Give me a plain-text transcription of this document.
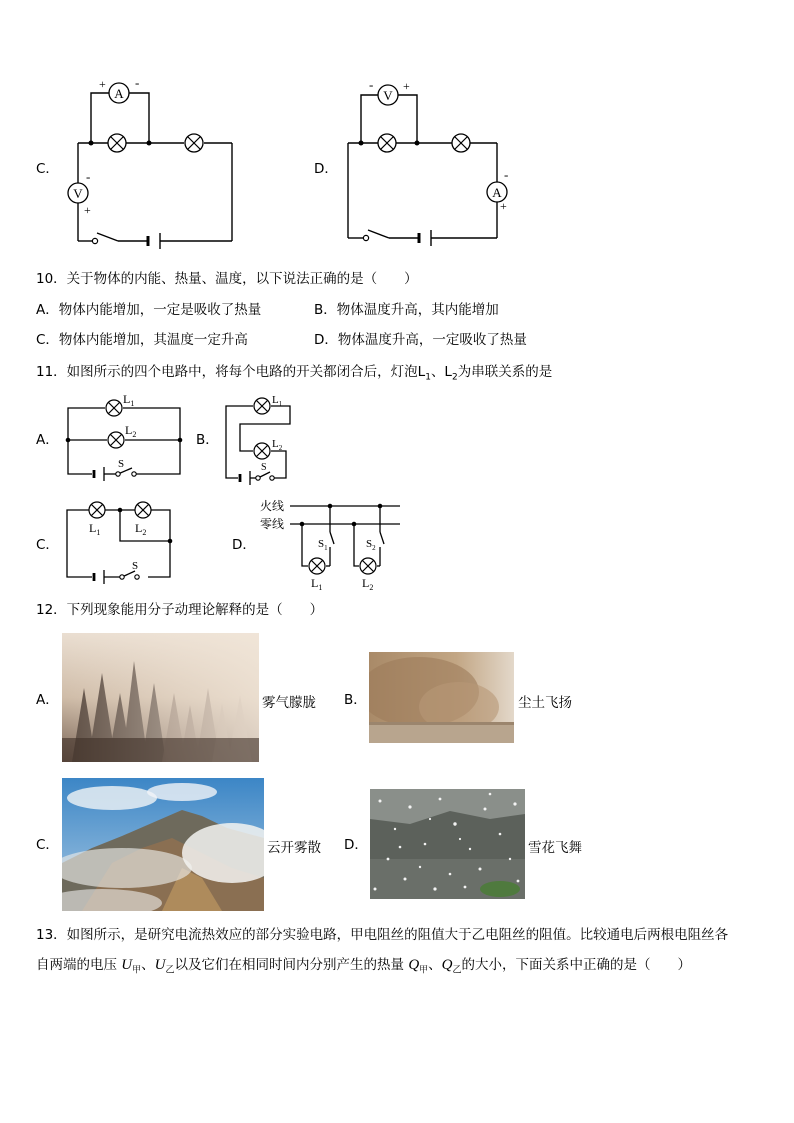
C．
A
+ -
V
-
+
D．
V
- +
A
-
+
10．关于物体的内能、热量、温度，以下说法正确的是（　　）
A．物体内能增加，一定是吸收了热量	B．物体温度升高，其内能增加
C．物体内能增加，其温度一定升高	D．物体温度升高，一定吸收了热量
11．如图所示的四个电路中，将每个电路的开关都闭合后，灯泡$L_1$、$L_2$为串联关系的是
A．
$L_1$
$L_2$
S
B．
$L_1$
$L_2$
S
C．
$L_1$	$L_2$
S
D．
火线
零线
$S_1$	$S_2$
$L_1$	$L_2$
12．下列现象能用分子动理论解释的是（　　）
A．	雾气朦胧 B．	尘土飞扬
C．	云开雾散 D．	雪花飞舞
13．如图所示，是研究电流热效应的部分实验电路，甲电阻丝的阻值大于乙电阻丝的阻值。比较通电后两根电阻丝各
自两端的电压 $U_甲$、$U_乙$以及它们在相同时间内分别产生的热量 $Q_甲$、$Q_乙$的大小，下面关系中正确的是（　　）
